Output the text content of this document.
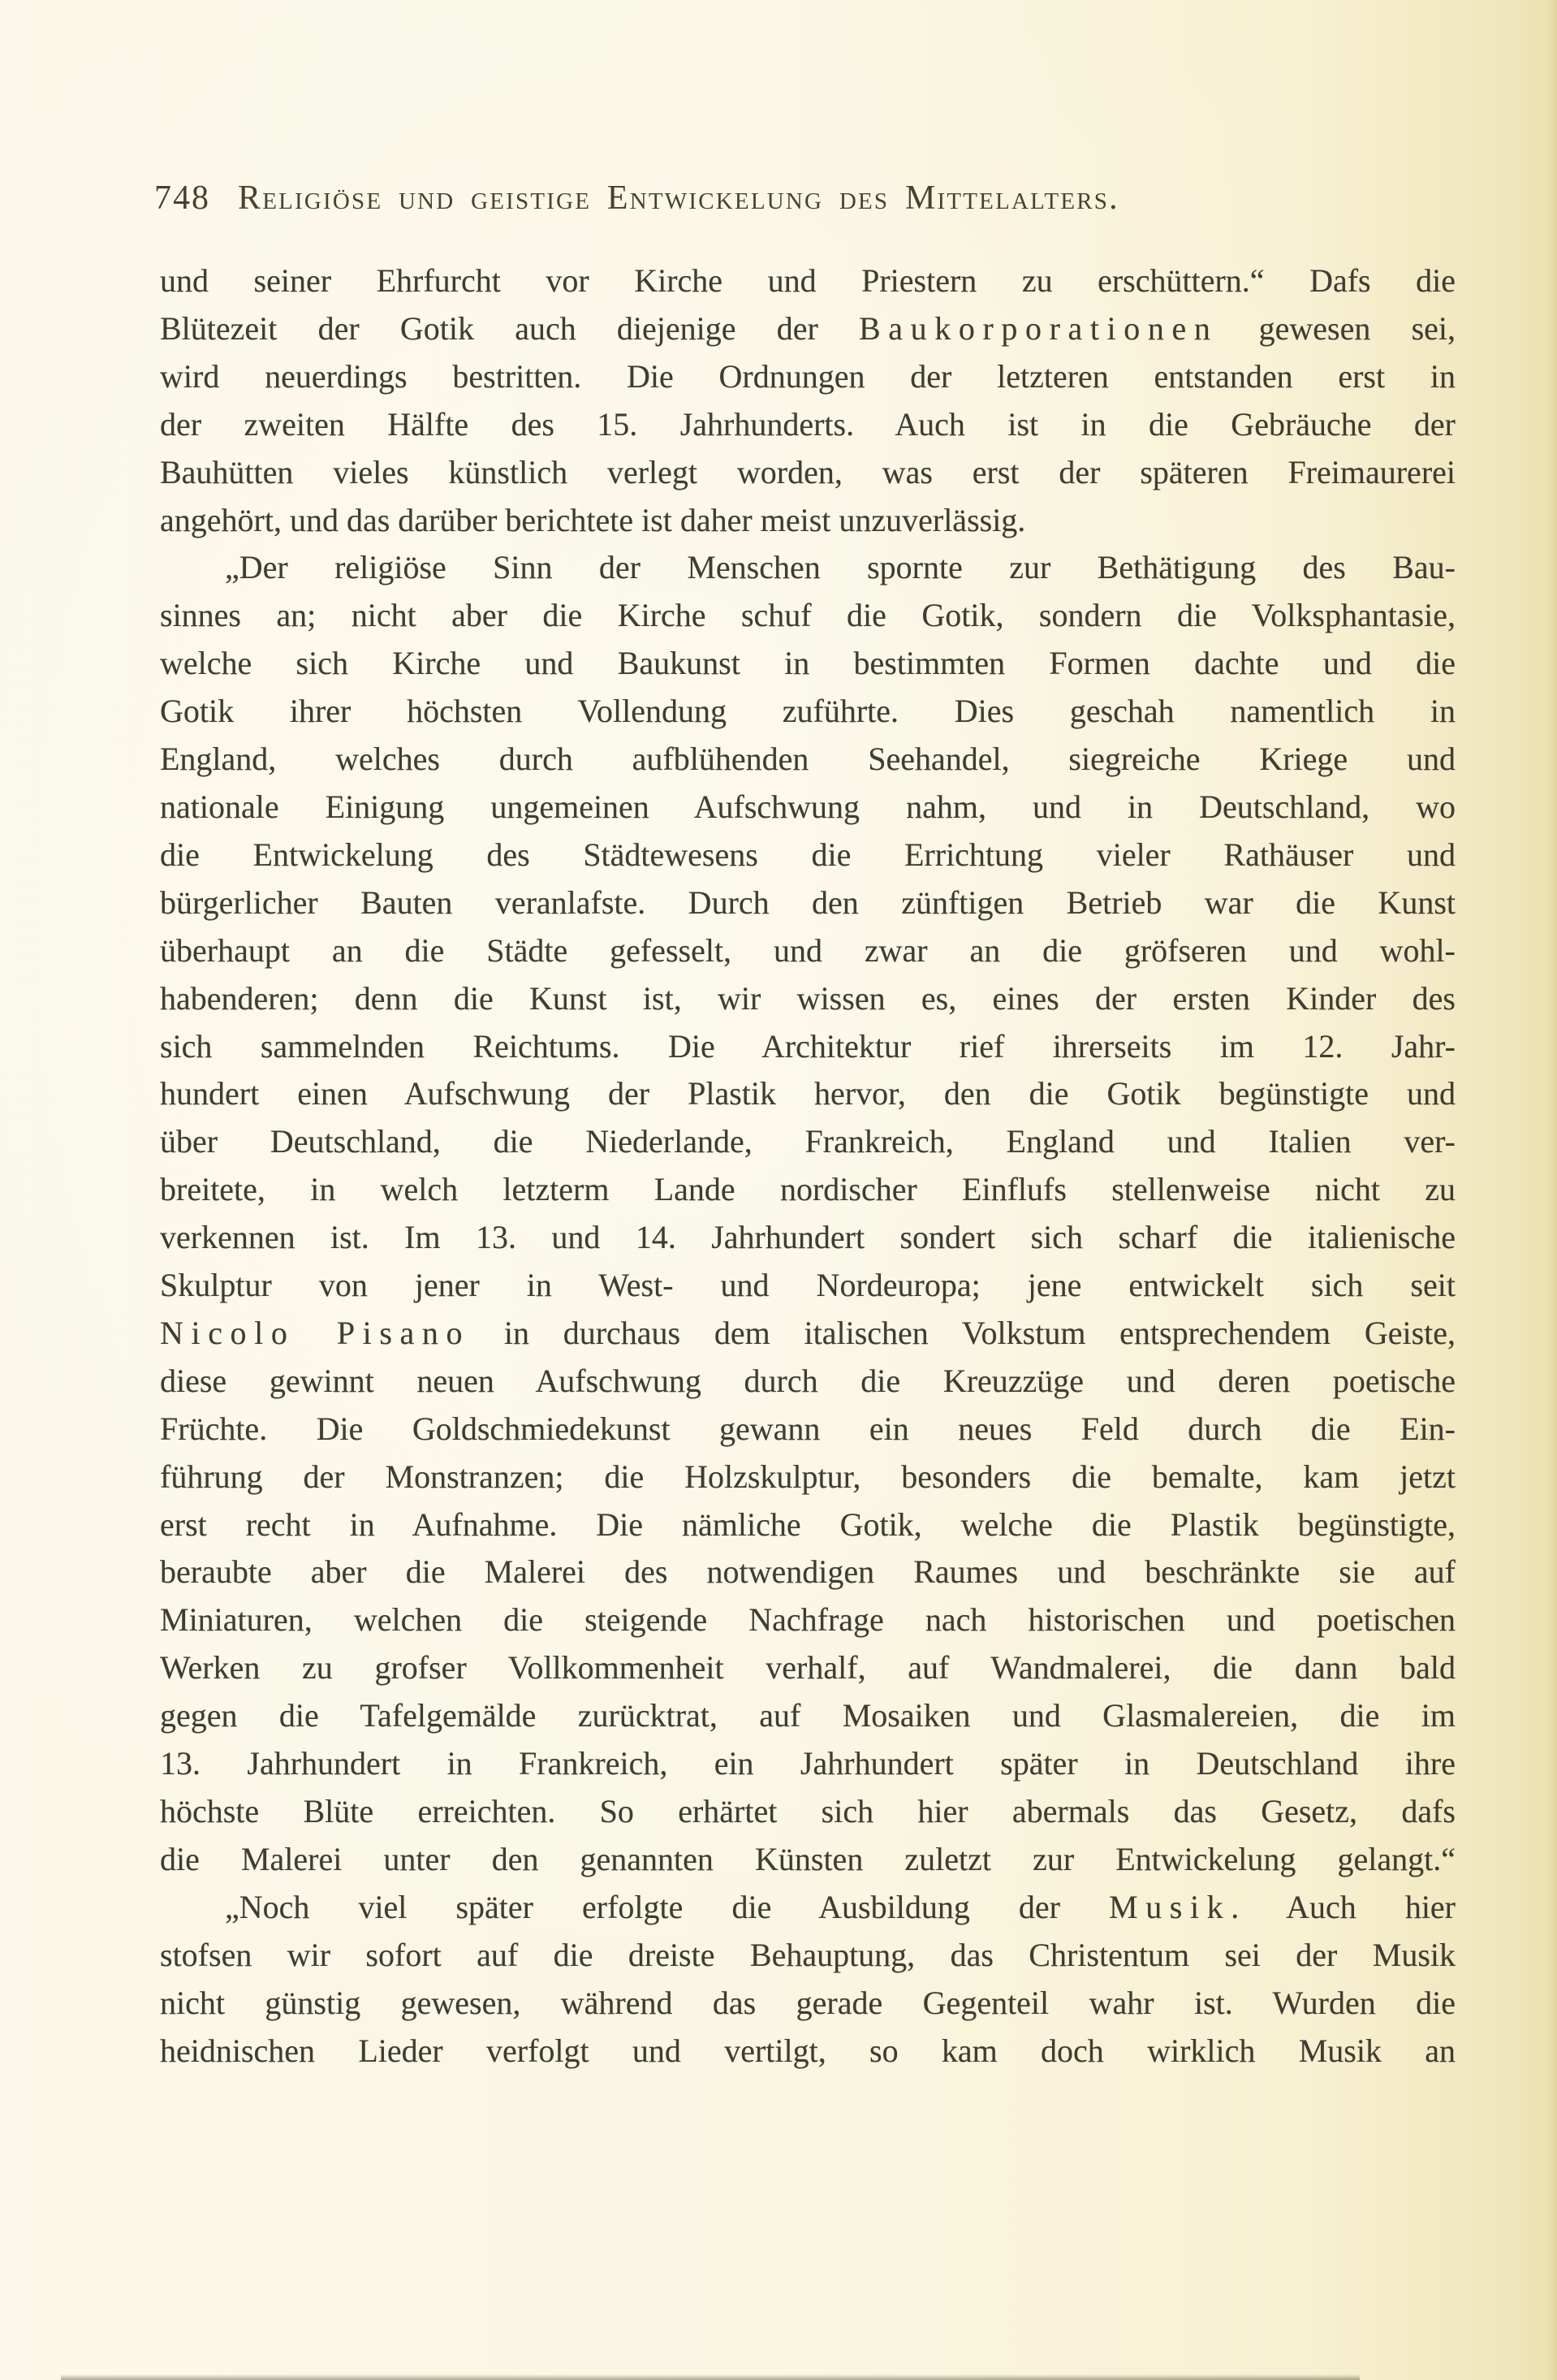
748 Religiöse und geistige Entwickelung des Mittelalters.
und seiner Ehrfurcht vor Kirche und Priestern zu erschüttern.“ Dafs die
Blütezeit der Gotik auch diejenige der Baukorporationen gewesen sei,
wird neuerdings bestritten. Die Ordnungen der letzteren entstanden erst in
der zweiten Hälfte des 15. Jahrhunderts. Auch ist in die Gebräuche der
Bauhütten vieles künstlich verlegt worden, was erst der späteren Freimaurerei
angehört, und das darüber berichtete ist daher meist unzuverlässig.
„Der religiöse Sinn der Menschen spornte zur Bethätigung des Bau-
sinnes an; nicht aber die Kirche schuf die Gotik, sondern die Volksphantasie,
welche sich Kirche und Baukunst in bestimmten Formen dachte und die
Gotik ihrer höchsten Vollendung zuführte. Dies geschah namentlich in
England, welches durch aufblühenden Seehandel, siegreiche Kriege und
nationale Einigung ungemeinen Aufschwung nahm, und in Deutschland, wo
die Entwickelung des Städtewesens die Errichtung vieler Rathäuser und
bürgerlicher Bauten veranlafste. Durch den zünftigen Betrieb war die Kunst
überhaupt an die Städte gefesselt, und zwar an die gröfseren und wohl-
habenderen; denn die Kunst ist, wir wissen es, eines der ersten Kinder des
sich sammelnden Reichtums. Die Architektur rief ihrerseits im 12. Jahr-
hundert einen Aufschwung der Plastik hervor, den die Gotik begünstigte und
über Deutschland, die Niederlande, Frankreich, England und Italien ver-
breitete, in welch letzterm Lande nordischer Einflufs stellenweise nicht zu
verkennen ist. Im 13. und 14. Jahrhundert sondert sich scharf die italienische
Skulptur von jener in West- und Nordeuropa; jene entwickelt sich seit
Nicolo Pisano in durchaus dem italischen Volkstum entsprechendem Geiste,
diese gewinnt neuen Aufschwung durch die Kreuzzüge und deren poetische
Früchte. Die Goldschmiedekunst gewann ein neues Feld durch die Ein-
führung der Monstranzen; die Holzskulptur, besonders die bemalte, kam jetzt
erst recht in Aufnahme. Die nämliche Gotik, welche die Plastik begünstigte,
beraubte aber die Malerei des notwendigen Raumes und beschränkte sie auf
Miniaturen, welchen die steigende Nachfrage nach historischen und poetischen
Werken zu grofser Vollkommenheit verhalf, auf Wandmalerei, die dann bald
gegen die Tafelgemälde zurücktrat, auf Mosaiken und Glasmalereien, die im
13. Jahrhundert in Frankreich, ein Jahrhundert später in Deutschland ihre
höchste Blüte erreichten. So erhärtet sich hier abermals das Gesetz, dafs
die Malerei unter den genannten Künsten zuletzt zur Entwickelung gelangt.“
„Noch viel später erfolgte die Ausbildung der Musik. Auch hier
stofsen wir sofort auf die dreiste Behauptung, das Christentum sei der Musik
nicht günstig gewesen, während das gerade Gegenteil wahr ist. Wurden die
heidnischen Lieder verfolgt und vertilgt, so kam doch wirklich Musik an
